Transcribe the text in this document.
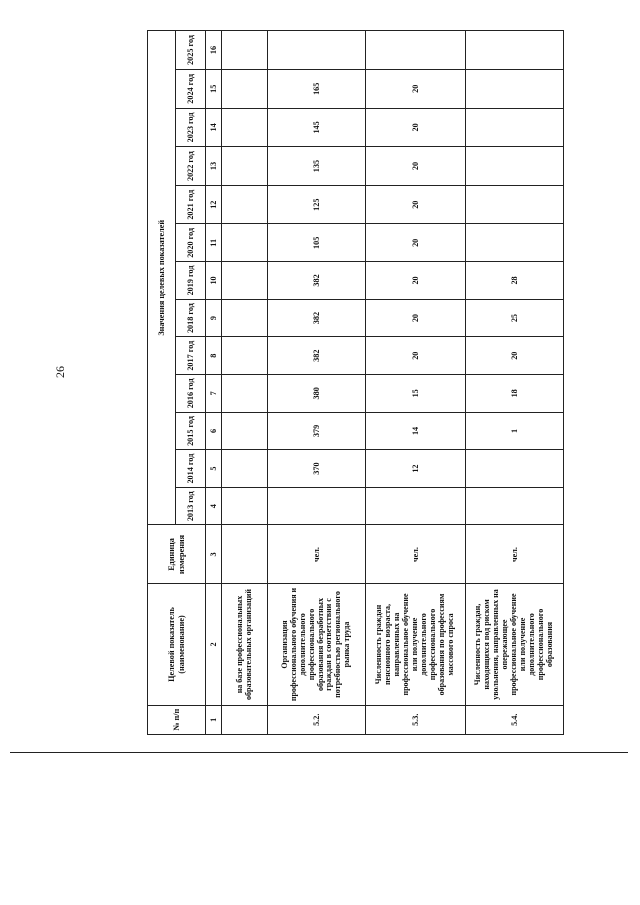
26
№ п/п	Целевой показатель (наименование)	Единица измерения	Значения целевых показателей												
			2013 год	2014 год	2015 год	2016 год	2017 год	2018 год	2019 год	2020 год	2021 год	2022 год	2023 год	2024 год	2025 год
1	2	3	4	5	6	7	8	9	10	11	12	13	14	15	16
	на базе профессиональных образовательных организаций														
5.2.	Организация профессионального обучения и дополнительного профессионального образования безработных граждан в соответствии с потребностью регионального рынка труда	чел.		370	379	380	382	382	382	105	125	135	145	165	
5.3.	Численность граждан пенсионного возраста, направленных на профессиональное обучение или получение дополнительного профессионального образования по профессиям массового спроса	чел.		12	14	15	20	20	20	20	20	20	20	20	
5.4.	Численность граждан, находящихся под риском увольнения, направленных на опережающее профессиональное обучение или получение дополнительного профессионального образования	чел.			1	18	20	25	28						
